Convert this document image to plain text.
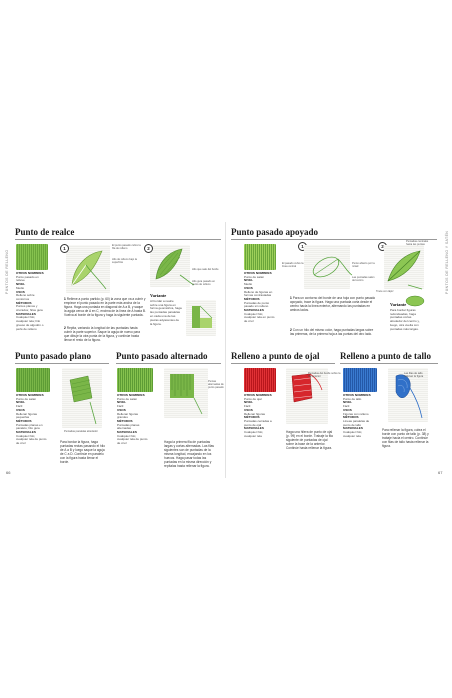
PUNTOS DE RELLENO	PUNTOS DE RELLENO Y SATÉN
66	67
Punto de realce
OTROS NOMBRES
Punto pasado en relieve
NIVEL
Medio
USOS
Relleno sobre contornos
MÉTODOS
Puntos planos y cruzados; hilos guía
MATERIALES
Cualquier hilo; cualquier tela; hilo grueso de algodón o perlé de relleno
1
El punto pasado cubre la fila de relleno
Hilo de relleno bajo la superficie
2
Hilo que sale del borde
Hilo guía pasado en punto de relleno
1Rellene a punto partido (p. 60) la zona que va a cubrir y empiece el punto pasado en la parte más ancha de la figura. Haga una puntada en diagonal de A a B, y saque la aguja cerca de A en C, encima de la línea de A hasta B. Vuelva al borde de la figura y haga la siguiente puntada.
2Repita, variando la longitud de las puntadas hasta cubrir la parte superior. Saque la aguja de nuevo para que dibuje la otra punta de la figura, y continúe hasta llenar el resto de la figura.
Variante
Al bordar a realce sobre una figura en forma geométrica, haga las puntadas paralelas en cada una de las piezas adyacentes de la figura.
Punto pasado apoyado
OTROS NOMBRES
Punto de satén
NIVEL
Medio
USOS
Relleno de figuras en formas contrastadas
MÉTODOS
Puntadas de punto pasado sin relleno
MATERIALES
Cualquier hilo; cualquier tela en punto de cruz
El pasado cubre la línea central
1
Punto abierto por la mitad
Las puntadas salen del centro
2
Puntadas centrales hacia las puntas
Trace con lápiz
1Para un contorno del borde de una hoja con punto pasado apoyado, trace la figura. Haga una puntada corta desde el centro hacia la línea exterior, alternando las puntadas en ambos lados.
2Con un hilo del mismo color, haga puntadas largas sobre las primeras, de la primera hoja a las puntas del otro lado.
Variante
Para bordar figuras redondeadas, haga puntadas cortas alrededor del centro y, luego, otra vuelta con puntadas más largas.
Punto pasado plano
OTROS NOMBRES
Punto de satén
NIVEL
Fácil
USOS
Rellenar figuras pequeñas
MÉTODOS
Puntadas planas en paralelo; hilo guía
MATERIALES
Cualquier hilo; cualquier tela de punto de cruz
Puntadas paralelas alrededor
Para bordar la figura, haga puntadas rectas pasando el hilo de A a B y luego saque la aguja de C a D. Continúe en paralelo con la figura hasta llenar el borde.
Punto pasado alternado
OTROS NOMBRES
Punto de satén
NIVEL
Fácil
USOS
Rellenar figuras grandes
MÉTODOS
Puntadas planas alternadas
MATERIALES
Cualquier hilo; cualquier tela de punto de cruz
Puntas alternadas de punto pasado
Haga la primera fila de puntadas largas y cortas alternadas. Las filas siguientes son de puntadas de la misma longitud, encajando en los huecos. Haga pasar todas las puntadas en la misma dirección y repítalas hasta rellenar la figura.
Relleno a punto de ojal
OTROS NOMBRES
Punto de ojal
NIVEL
Fácil
USOS
Rellenar figuras
MÉTODOS
Puntadas cerradas a punto de ojal
MATERIALES
Cualquier hilo; cualquier tela
Puntadas del borde sobre la fila anterior
Haga una hilera de punto de ojal (p. 99) en el borde. Trabaje la fila siguiente de puntadas de ojal sobre la base de la anterior. Continúe hasta rellenar la figura.
Relleno a punto de tallo
OTROS NOMBRES
Punto de tallo
NIVEL
Fácil
USOS
Figuras con relleno
MÉTODOS
Líneas paralelas de punto de tallo
MATERIALES
Cualquier hilo; cualquier tela
Las filas de tallo rellenan la figura
Para rellenar la figura, cubra el borde con punto de tallo (p. 38) y trabaje hacia el centro. Continúe con filas de tallo hasta rellenar la figura.
